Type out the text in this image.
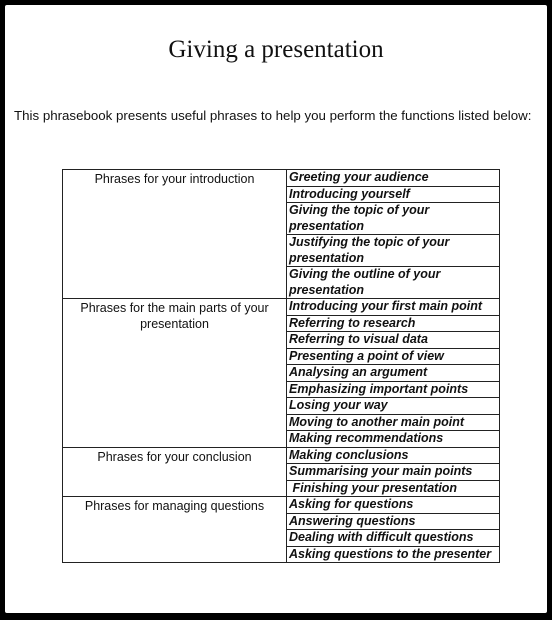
Giving a presentation
This phrasebook presents useful phrases to help you perform the functions listed below:
Phrases for your introduction	Greeting your audience
	Introducing yourself
	Giving the topic of your presentation
	Justifying the topic of your presentation
	Giving the outline of your presentation

Phrases for the main parts of your presentation	Introducing your first main point
	Referring to research
	Referring to visual data
	Presenting a point of view
	Analysing an argument
	Emphasizing important points
	Losing your way
	Moving to another main point
	Making recommendations

Phrases for your conclusion	Making conclusions
	Summarising your main points
	Finishing your presentation

Phrases for managing questions	Asking for questions
	Answering questions
	Dealing with difficult questions
	Asking questions to the presenter
